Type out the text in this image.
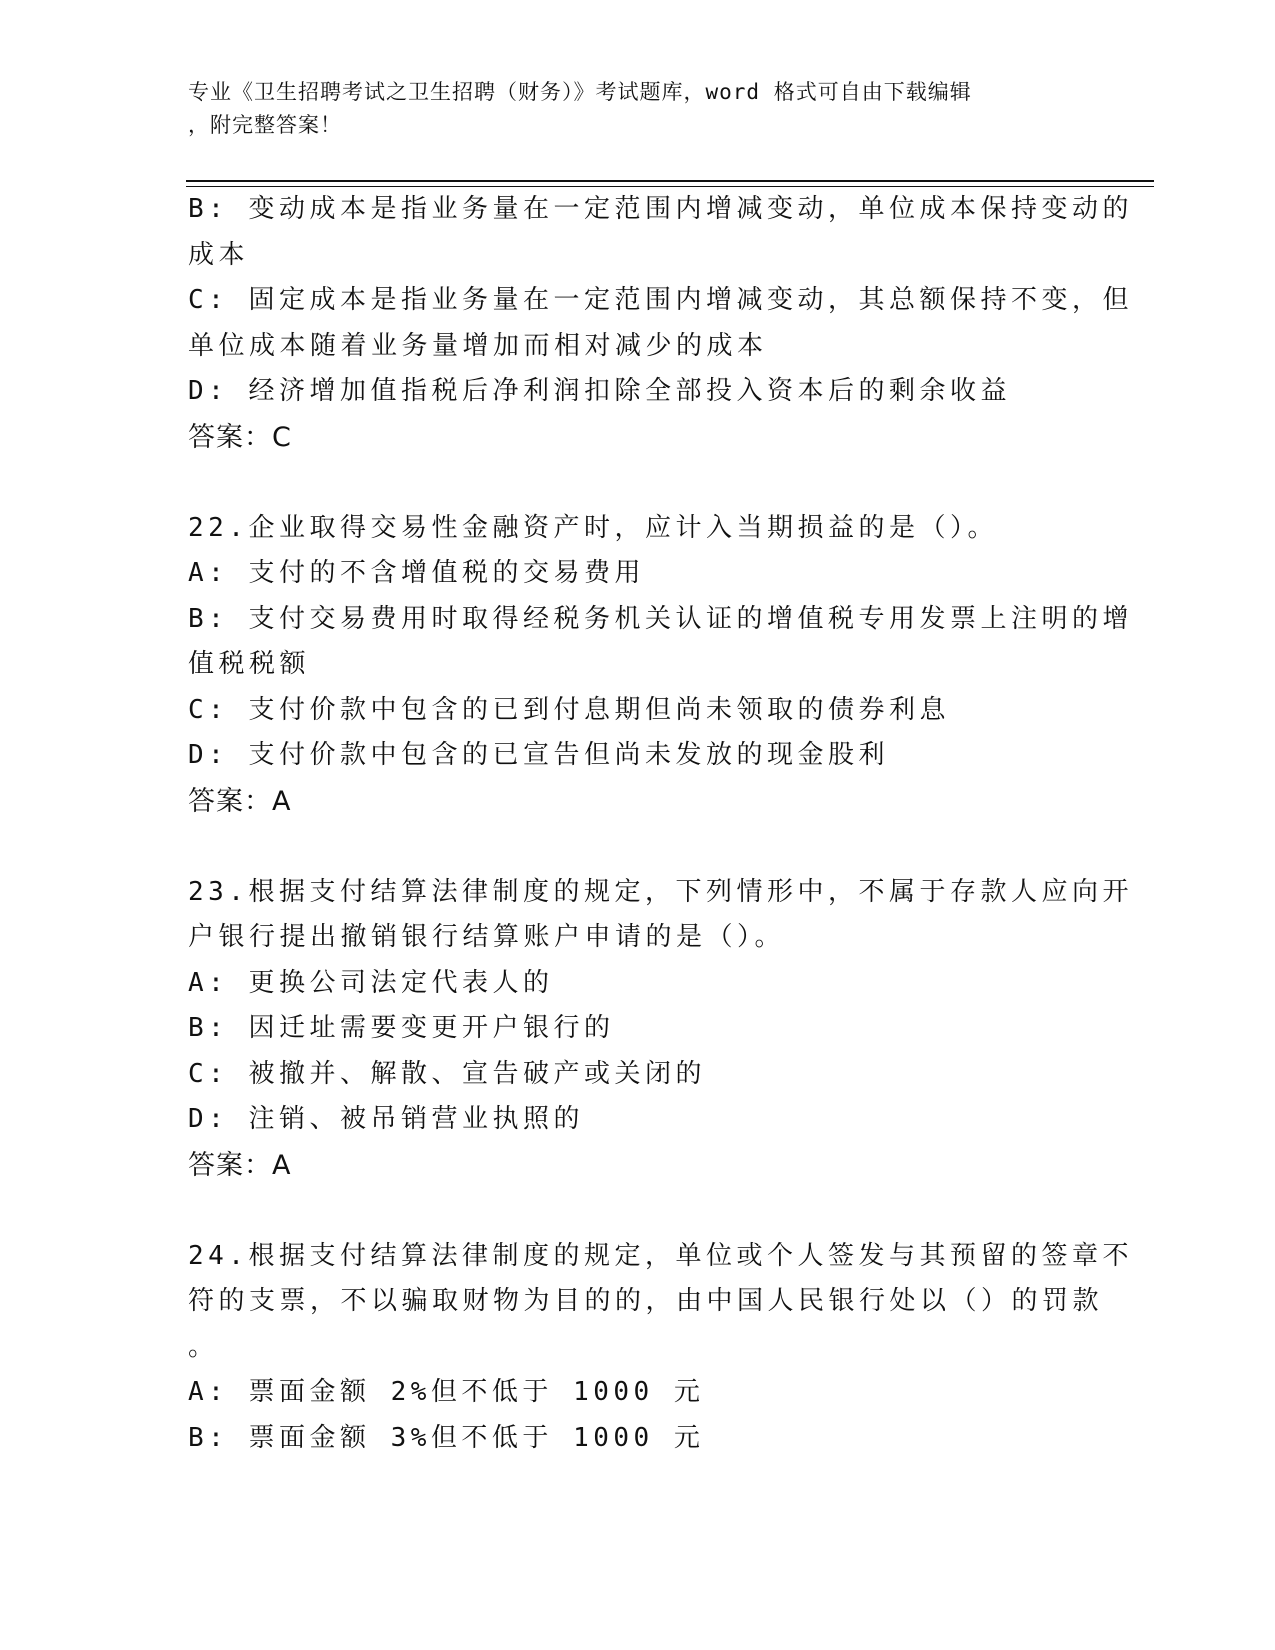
专业《卫生招聘考试之卫生招聘（财务）》考试题库，word 格式可自由下载编辑
，附完整答案！

B: 变动成本是指业务量在一定范围内增减变动，单位成本保持变动的

成本

C: 固定成本是指业务量在一定范围内增减变动，其总额保持不变，但

单位成本随着业务量增加而相对减少的成本

D: 经济增加值指税后净利润扣除全部投入资本后的剩余收益

答案：C

22.企业取得交易性金融资产时，应计入当期损益的是（）。

A: 支付的不含增值税的交易费用

B: 支付交易费用时取得经税务机关认证的增值税专用发票上注明的增

值税税额

C: 支付价款中包含的已到付息期但尚未领取的债券利息

D: 支付价款中包含的已宣告但尚未发放的现金股利

答案：A

23.根据支付结算法律制度的规定，下列情形中，不属于存款人应向开

户银行提出撤销银行结算账户申请的是（）。

A: 更换公司法定代表人的

B: 因迁址需要变更开户银行的

C: 被撤并、解散、宣告破产或关闭的

D: 注销、被吊销营业执照的

答案：A

24.根据支付结算法律制度的规定，单位或个人签发与其预留的签章不

符的支票，不以骗取财物为目的的，由中国人民银行处以（）的罚款

。

A: 票面金额 2%但不低于 1000 元

B: 票面金额 3%但不低于 1000 元
